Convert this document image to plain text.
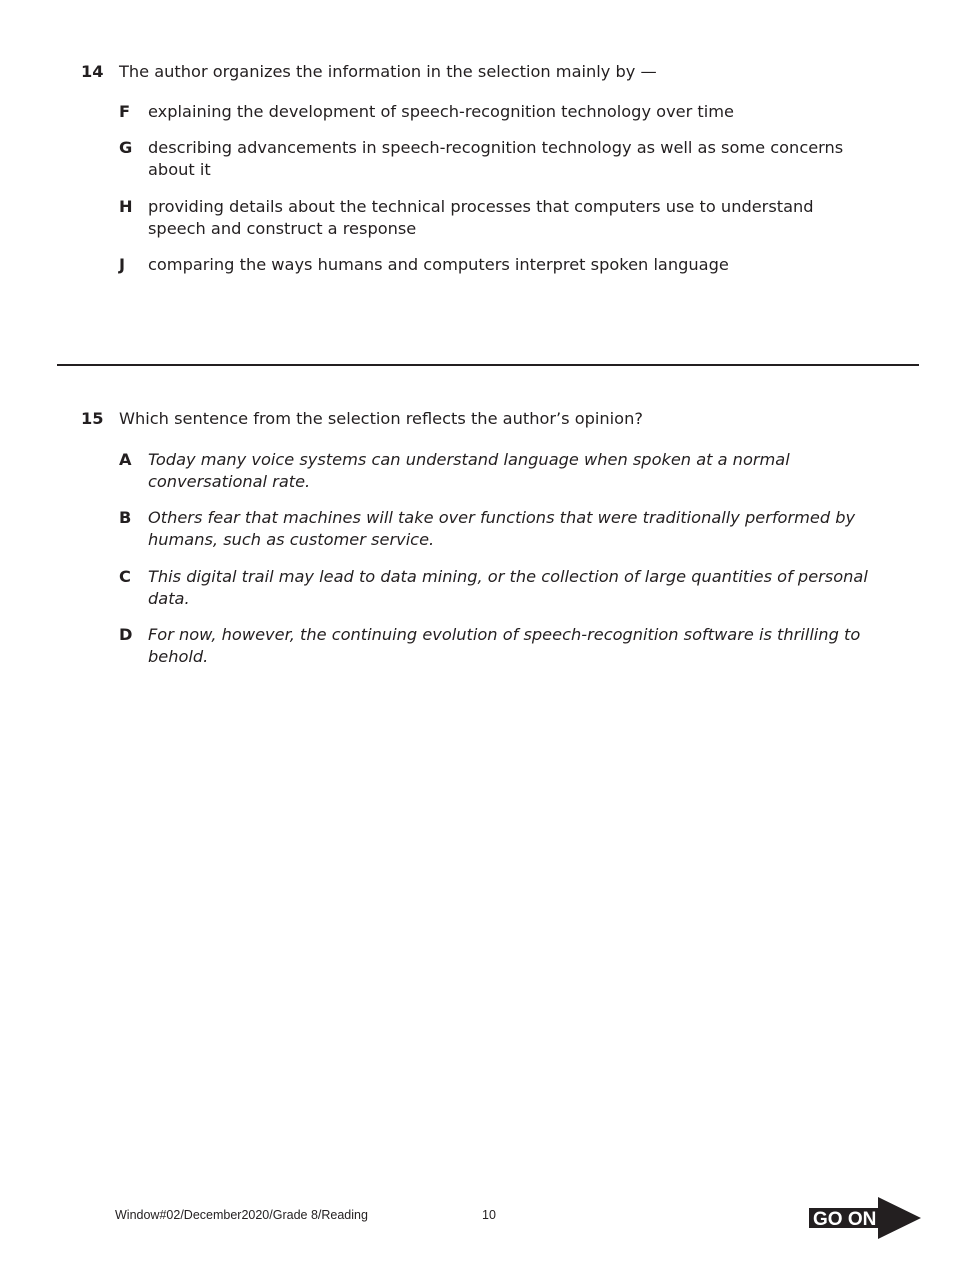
14 The author organizes the information in the selection mainly by —
F explaining the development of speech-recognition technology over time
G describing advancements in speech-recognition technology as well as some concerns about it
H providing details about the technical processes that computers use to understand speech and construct a response
J comparing the ways humans and computers interpret spoken language
15 Which sentence from the selection reflects the author’s opinion?
A Today many voice systems can understand language when spoken at a normal conversational rate.
B Others fear that machines will take over functions that were traditionally performed by humans, such as customer service.
C This digital trail may lead to data mining, or the collection of large quantities of personal data.
D For now, however, the continuing evolution of speech-recognition software is thrilling to behold.
Window#02/December2020/Grade 8/Reading	10	GO ON
